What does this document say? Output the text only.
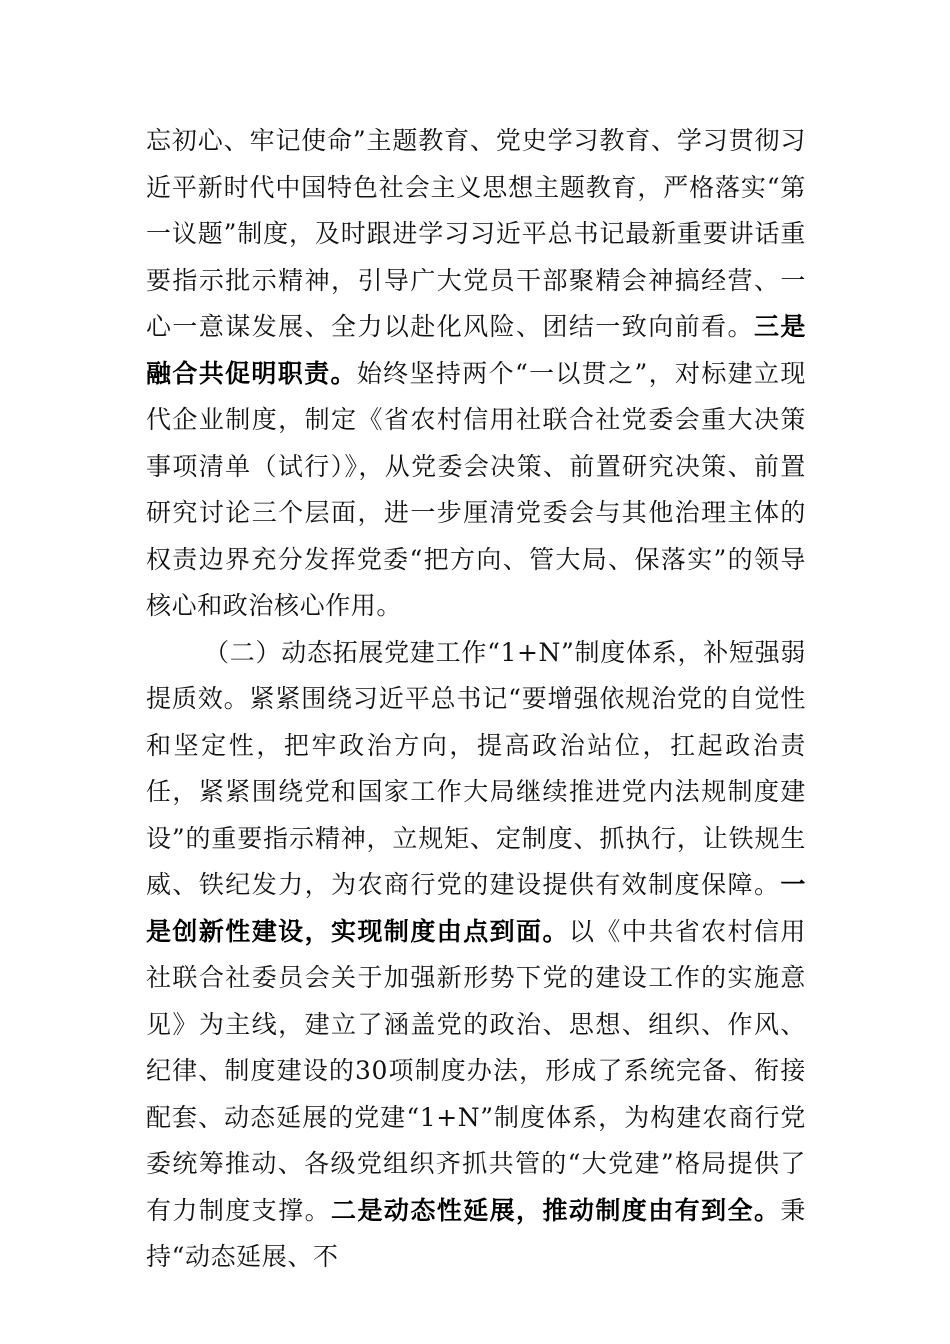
忘初心、牢记使命”主题教育、党史学习教育、学习贯彻习近平新时代中国特色社会主义思想主题教育，严格落实“第一议题”制度，及时跟进学习习近平总书记最新重要讲话重要指示批示精神，引导广大党员干部聚精会神搞经营、一心一意谋发展、全力以赴化风险、团结一致向前看。三是融合共促明职责。始终坚持两个“一以贯之”，对标建立现代企业制度，制定《省农村信用社联合社党委会重大决策事项清单（试行）》，从党委会决策、前置研究决策、前置研究讨论三个层面，进一步厘清党委会与其他治理主体的权责边界充分发挥党委“把方向、管大局、保落实”的领导核心和政治核心作用。

（二）动态拓展党建工作“1+N”制度体系，补短强弱提质效。紧紧围绕习近平总书记“要增强依规治党的自觉性和坚定性，把牢政治方向，提高政治站位，扛起政治责任，紧紧围绕党和国家工作大局继续推进党内法规制度建设”的重要指示精神，立规矩、定制度、抓执行，让铁规生威、铁纪发力，为农商行党的建设提供有效制度保障。一是创新性建设，实现制度由点到面。以《中共省农村信用社联合社委员会关于加强新形势下党的建设工作的实施意见》为主线，建立了涵盖党的政治、思想、组织、作风、纪律、制度建设的30项制度办法，形成了系统完备、衔接配套、动态延展的党建“1+N”制度体系，为构建农商行党委统筹推动、各级党组织齐抓共管的“大党建”格局提供了有力制度支撑。二是动态性延展，推动制度由有到全。秉持“动态延展、不
